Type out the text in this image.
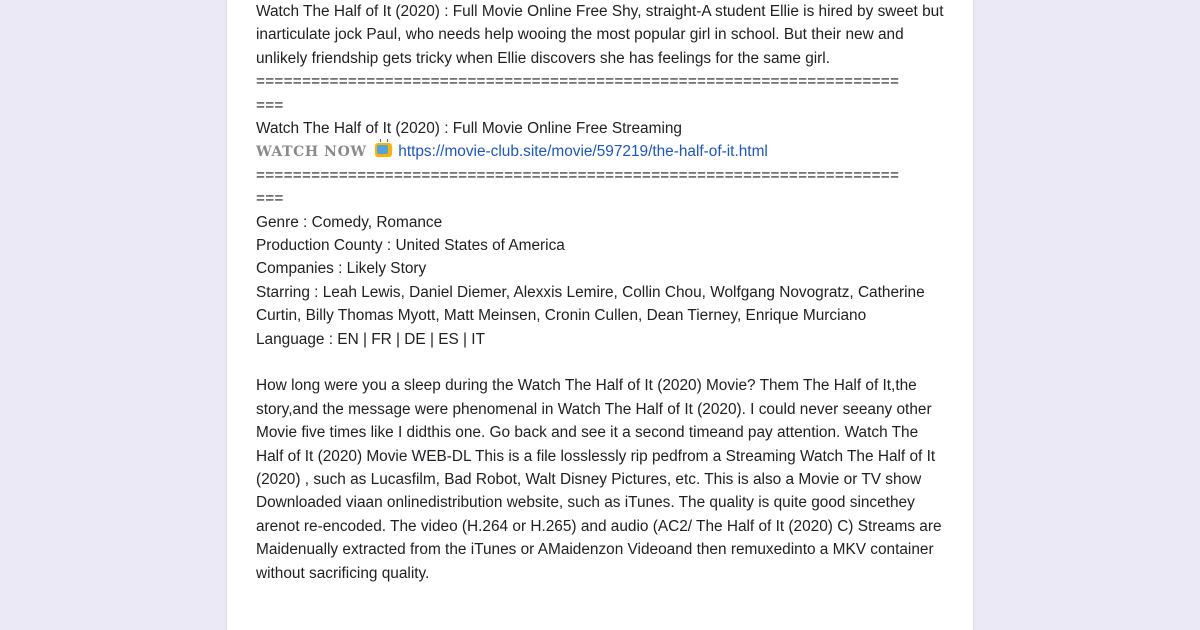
Watch The Half of It (2020) : Full Movie Online Free Shy, straight-A student Ellie is hired by sweet but inarticulate jock Paul, who needs help wooing the most popular girl in school. But their new and unlikely friendship gets tricky when Ellie discovers she has feelings for the same girl.
======================================================================
===
Watch The Half of It (2020) : Full Movie Online Free Streaming
WATCH NOW https://movie-club.site/movie/597219/the-half-of-it.html
======================================================================
===
Genre : Comedy, Romance
Production County : United States of America
Companies : Likely Story
Starring : Leah Lewis, Daniel Diemer, Alexxis Lemire, Collin Chou, Wolfgang Novogratz, Catherine Curtin, Billy Thomas Myott, Matt Meinsen, Cronin Cullen, Dean Tierney, Enrique Murciano
Language : EN | FR | DE | ES | IT
How long were you a sleep during the Watch The Half of It (2020) Movie? Them The Half of It,the story,and the message were phenomenal in Watch The Half of It (2020). I could never seeany other Movie five times like I didthis one. Go back and see it a second timeand pay attention. Watch The Half of It (2020) Movie WEB-DL This is a file losslessly rip pedfrom a Streaming Watch The Half of It (2020) , such as Lucasfilm, Bad Robot, Walt Disney Pictures, etc. This is also a Movie or TV show Downloaded viaan onlinedistribution website, such as iTunes. The quality is quite good sincethey arenot re-encoded. The video (H.264 or H.265) and audio (AC2/ The Half of It (2020) C) Streams are Maidenually extracted from the iTunes or AMaidenzon Videoand then remuxedinto a MKV container without sacrificing quality.
